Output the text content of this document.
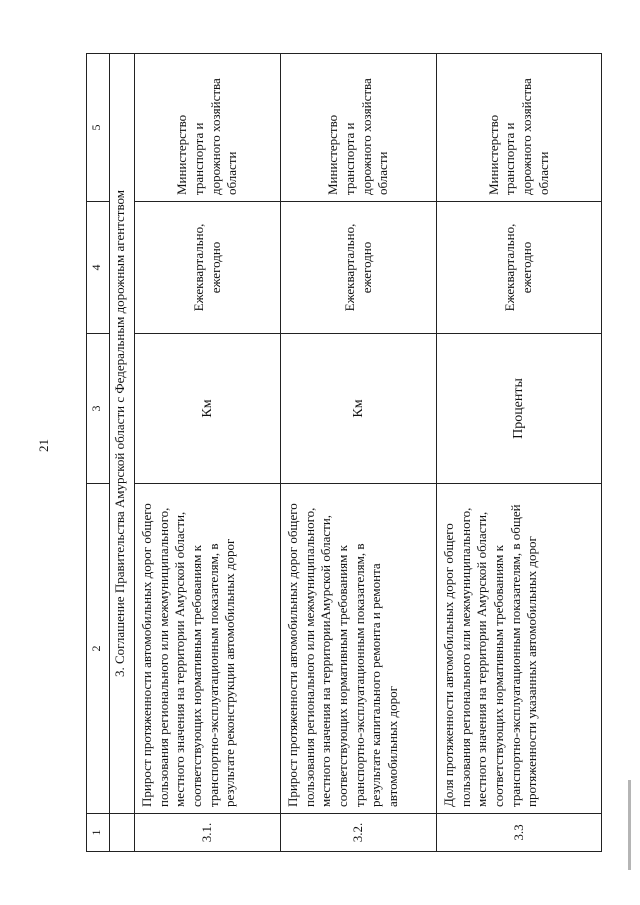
21
1	2	3	4	5
	3. Соглашение Правительства Амурской области с Федеральным дорожным агентством			
3.1.	Прирост протяженности автомобильных дорог общего пользования регионального или межмуниципального, местного значения на территории Амурской области, соответствующих нормативным требованиям к транспортно-эксплуатационным показателям, в результате реконструкции автомобильных дорог	Км	Ежеквартально, ежегодно	Министерство транспорта и дорожного хозяйства области
3.2.	Прирост протяженности автомобильных дорог общего пользования регионального или межмуниципального, местного значения на территорииАмурской области, соответствующих нормативным требованиям к транспортно-эксплуатационным показателям, в результате капитального ремонта и ремонта автомобильных дорог	Км	Ежеквартально, ежегодно	Министерство транспорта и дорожного хозяйства области
3.3	Доля протяженности автомобильных дорог общего пользования регионального или межмуниципального, местного значения на территории Амурской области, соответствующих нормативным требованиям к транспортно-эксплуатационным показателям, в общей протяженности указанных автомобильных дорог	Проценты	Ежеквартально, ежегодно	Министерство транспорта и дорожного хозяйства области
